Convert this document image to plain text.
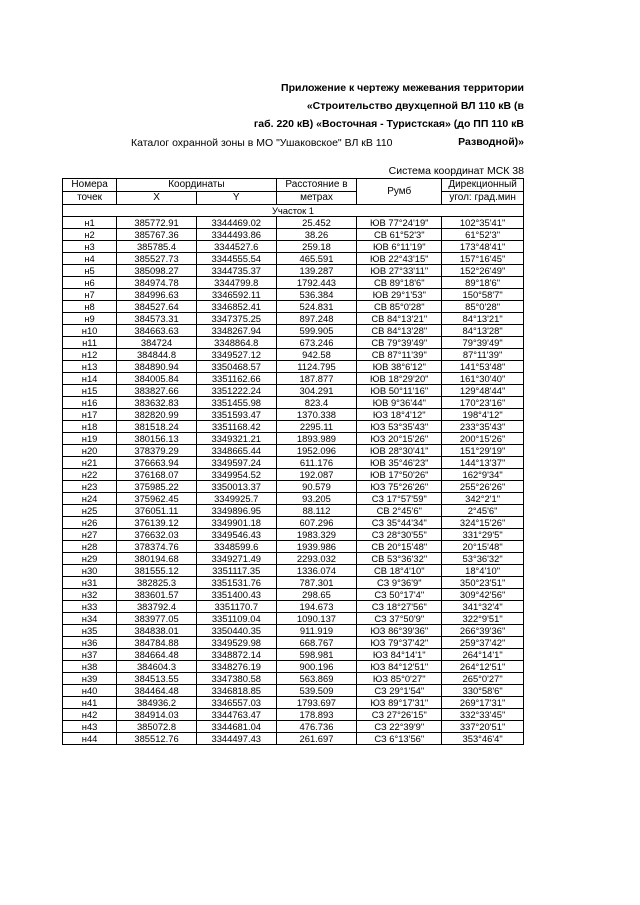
Приложение к чертежу межевания территории
«Строительство двухцепной ВЛ 110 кВ (в
габ. 220 кВ) «Восточная - Туристская» (до ПП 110 кВ
Разводной)»
Каталог охранной зоны в МО "Ушаковское" ВЛ кВ 110
Система координат МСК 38
Номера	Координаты		Расстояние в	Румб	Дирекционный
точек	X	Y	метрах		угол: град.мин
Участок 1					
н1	385772.91	3344469.02	25.452	ЮВ 77°24'19"	102°35'41"
н2	385767.36	3344493.86	38.26	СВ 61°52'3"	61°52'3"
н3	385785.4	3344527.6	259.18	ЮВ 6°11'19"	173°48'41"
н4	385527.73	3344555.54	465.591	ЮВ 22°43'15"	157°16'45"
н5	385098.27	3344735.37	139.287	ЮВ 27°33'11"	152°26'49"
н6	384974.78	3344799.8	1792.443	СВ 89°18'6"	89°18'6"
н7	384996.63	3346592.11	536.384	ЮВ 29°1'53"	150°58'7"
н8	384527.64	3346852.41	524.831	СВ 85°0'28"	85°0'28"
н9	384573.31	3347375.25	897.248	СВ 84°13'21"	84°13'21"
н10	384663.63	3348267.94	599.905	СВ 84°13'28"	84°13'28"
н11	384724	3348864.8	673.246	СВ 79°39'49"	79°39'49"
н12	384844.8	3349527.12	942.58	СВ 87°11'39"	87°11'39"
н13	384890.94	3350468.57	1124.795	ЮВ 38°6'12"	141°53'48"
н14	384005.84	3351162.66	187.877	ЮВ 18°29'20"	161°30'40"
н15	383827.66	3351222.24	304.291	ЮВ 50°11'16"	129°48'44"
н16	383632.83	3351455.98	823.4	ЮВ 9°36'44"	170°23'16"
н17	382820.99	3351593.47	1370.338	ЮЗ 18°4'12"	198°4'12"
н18	381518.24	3351168.42	2295.11	ЮЗ 53°35'43"	233°35'43"
н19	380156.13	3349321.21	1893.989	ЮЗ 20°15'26"	200°15'26"
н20	378379.29	3348665.44	1952.096	ЮВ 28°30'41"	151°29'19"
н21	376663.94	3349597.24	611.176	ЮВ 35°46'23"	144°13'37"
н22	376168.07	3349954.52	192.087	ЮВ 17°50'26"	162°9'34"
н23	375985.22	3350013.37	90.579	ЮЗ 75°26'26"	255°26'26"
н24	375962.45	3349925.7	93.205	СЗ 17°57'59"	342°2'1"
н25	376051.11	3349896.95	88.112	СВ 2°45'6"	2°45'6"
н26	376139.12	3349901.18	607.296	СЗ 35°44'34"	324°15'26"
н27	376632.03	3349546.43	1983.329	СЗ 28°30'55"	331°29'5"
н28	378374.76	3348599.6	1939.986	СВ 20°15'48"	20°15'48"
н29	380194.68	3349271.49	2293.032	СВ 53°36'32"	53°36'32"
н30	381555.12	3351117.35	1336.074	СВ 18°4'10"	18°4'10"
н31	382825.3	3351531.76	787.301	СЗ 9°36'9"	350°23'51"
н32	383601.57	3351400.43	298.65	СЗ 50°17'4"	309°42'56"
н33	383792.4	3351170.7	194.673	СЗ 18°27'56"	341°32'4"
н34	383977.05	3351109.04	1090.137	СЗ 37°50'9"	322°9'51"
н35	384838.01	3350440.35	911.919	ЮЗ 86°39'36"	266°39'36"
н36	384784.88	3349529.98	668.767	ЮЗ 79°37'42"	259°37'42"
н37	384664.48	3348872.14	598.981	ЮЗ 84°14'1"	264°14'1"
н38	384604.3	3348276.19	900.196	ЮЗ 84°12'51"	264°12'51"
н39	384513.55	3347380.58	563.869	ЮЗ 85°0'27"	265°0'27"
н40	384464.48	3346818.85	539.509	СЗ 29°1'54"	330°58'6"
н41	384936.2	3346557.03	1793.697	ЮЗ 89°17'31"	269°17'31"
н42	384914.03	3344763.47	178.893	СЗ 27°26'15"	332°33'45"
н43	385072.8	3344681.04	476.736	СЗ 22°39'9"	337°20'51"
н44	385512.76	3344497.43	261.697	СЗ 6°13'56"	353°46'4"
